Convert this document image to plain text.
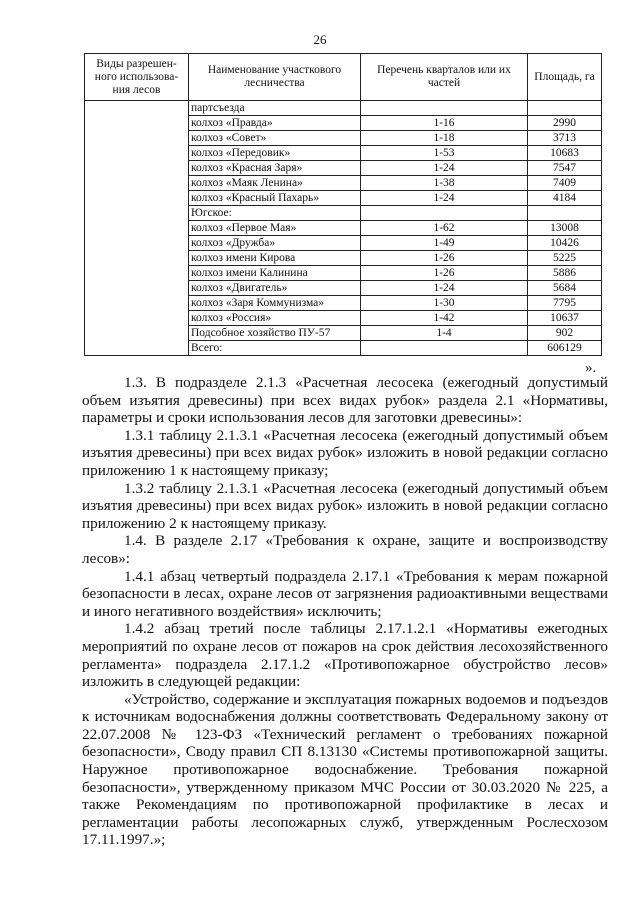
26
Виды разрешен-ного использова-ния лесов	Наименование участкового лесничества	Перечень кварталов или их частей	Площадь, га
	партсъезда		
	колхоз «Правда»	1-16	2990
	колхоз «Совет»	1-18	3713
	колхоз «Передовик»	1-53	10683
	колхоз «Красная Заря»	1-24	7547
	колхоз «Маяк Ленина»	1-38	7409
	колхоз «Красный Пахарь»	1-24	4184
	Югское:		
	колхоз «Первое Мая»	1-62	13008
	колхоз «Дружба»	1-49	10426
	колхоз имени Кирова	1-26	5225
	колхоз имени Калинина	1-26	5886
	колхоз «Двигатель»	1-24	5684
	колхоз «Заря Коммунизма»	1-30	7795
	колхоз «Россия»	1-42	10637
	Подсобное хозяйство ПУ-57	1-4	902
	Всего:		606129
».

1.3. В подразделе 2.1.3 «Расчетная лесосека (ежегодный допустимый объем изъятия древесины) при всех видах рубок» раздела 2.1 «Нормативы, параметры и сроки использования лесов для заготовки древесины»:

1.3.1 таблицу 2.1.3.1 «Расчетная лесосека (ежегодный допустимый объем изъятия древесины) при всех видах рубок» изложить в новой редакции согласно приложению 1 к настоящему приказу;

1.3.2 таблицу 2.1.3.1 «Расчетная лесосека (ежегодный допустимый объем изъятия древесины) при всех видах рубок» изложить в новой редакции согласно приложению 2 к настоящему приказу.

1.4. В разделе 2.17 «Требования к охране, защите и воспроизводству лесов»:

1.4.1 абзац четвертый подраздела 2.17.1 «Требования к мерам пожарной безопасности в лесах, охране лесов от загрязнения радиоактивными веществами и иного негативного воздействия» исключить;

1.4.2 абзац третий после таблицы 2.17.1.2.1 «Нормативы ежегодных мероприятий по охране лесов от пожаров на срок действия лесохозяйственного регламента» подраздела 2.17.1.2 «Противопожарное обустройство лесов» изложить в следующей редакции:

«Устройство, содержание и эксплуатация пожарных водоемов и подъездов к источникам водоснабжения должны соответствовать Федеральному закону от 22.07.2008 № 123-ФЗ «Технический регламент о требованиях пожарной безопасности», Своду правил СП 8.13130 «Системы противопожарной защиты. Наружное противопожарное водоснабжение. Требования пожарной безопасности», утвержденному приказом МЧС России от 30.03.2020 № 225, а также Рекомендациям по противопожарной профилактике в лесах и регламентации работы лесопожарных служб, утвержденным Рослесхозом 17.11.1997.»;
